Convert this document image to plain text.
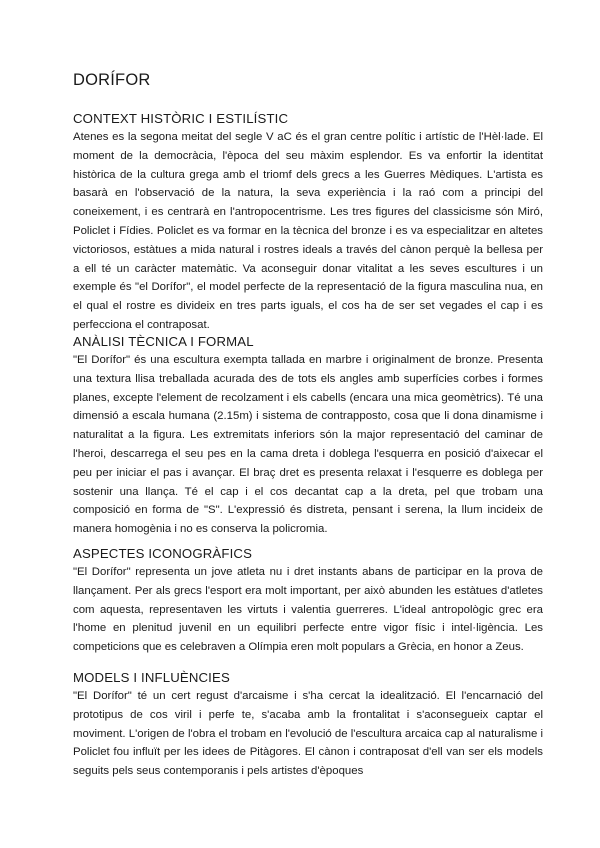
DORÍFOR
CONTEXT HISTÒRIC I ESTILÍSTIC

Atenes es la segona meitat del segle V aC és el gran centre polític i artístic de l'Hèl·lade. El moment de la democràcia, l'època del seu màxim esplendor. Es va enfortir la identitat històrica de la cultura grega amb el triomf dels grecs a les Guerres Mèdiques. L'artista es basarà en l'observació de la natura, la seva experiència i la raó com a principi del coneixement, i es centrarà en l'antropocentrisme. Les tres figures del classicisme són Miró, Policlet i Fídies. Policlet es va formar en la tècnica del bronze i es va especialitzar en altetes victoriosos, estàtues a mida natural i rostres ideals a través del cànon perquè la bellesa per a ell té un caràcter matemàtic. Va aconseguir donar vitalitat a les seves escultures i un exemple és "el Dorífor", el model perfecte de la representació de la figura masculina nua, en el qual el rostre es divideix en tres parts iguals, el cos ha de ser set vegades el cap i es perfecciona el contraposat.

ANÀLISI TÈCNICA I FORMAL

"El Dorífor" és una escultura exempta tallada en marbre i originalment de bronze. Presenta una textura llisa treballada acurada des de tots els angles amb superfícies corbes i formes planes, excepte l'element de recolzament i els cabells (encara una mica geomètrics). Té una dimensió a escala humana (2.15m) i sistema de contrapposto, cosa que li dona dinamisme i naturalitat a la figura. Les extremitats inferiors són la major representació del caminar de l'heroi, descarrega el seu pes en la cama dreta i doblega l'esquerra en posició d'aixecar el peu per iniciar el pas i avançar. El braç dret es presenta relaxat i l'esquerre es doblega per sostenir una llança. Té el cap i el cos decantat cap a la dreta, pel que trobam una composició en forma de "S". L'expressió és distreta, pensant i serena, la llum incideix de manera homogènia i no es conserva la policromia.

ASPECTES ICONOGRÀFICS

"El Dorífor" representa un jove atleta nu i dret instants abans de participar en la prova de llançament. Per als grecs l'esport era molt important, per això abunden les estàtues d'atletes com aquesta, representaven les virtuts i valentia guerreres. L'ideal antropològic grec era l'home en plenitud juvenil en un equilibri perfecte entre vigor físic i intel·ligència. Les competicions que es celebraven a Olímpia eren molt populars a Grècia, en honor a Zeus.

MODELS I INFLUÈNCIES

"El Dorífor" té un cert regust d'arcaisme i s'ha cercat la idealització. El l'encarnació del prototipus de cos viril i perfe te, s'acaba amb la frontalitat i s'aconsegueix captar el moviment. L'origen de l'obra el trobam en l'evolució de l'escultura arcaica cap al naturalisme i Policlet fou influït per les idees de Pitàgores. El cànon i contraposat d'ell van ser els models seguits pels seus contemporanis i pels artistes d'èpoques
